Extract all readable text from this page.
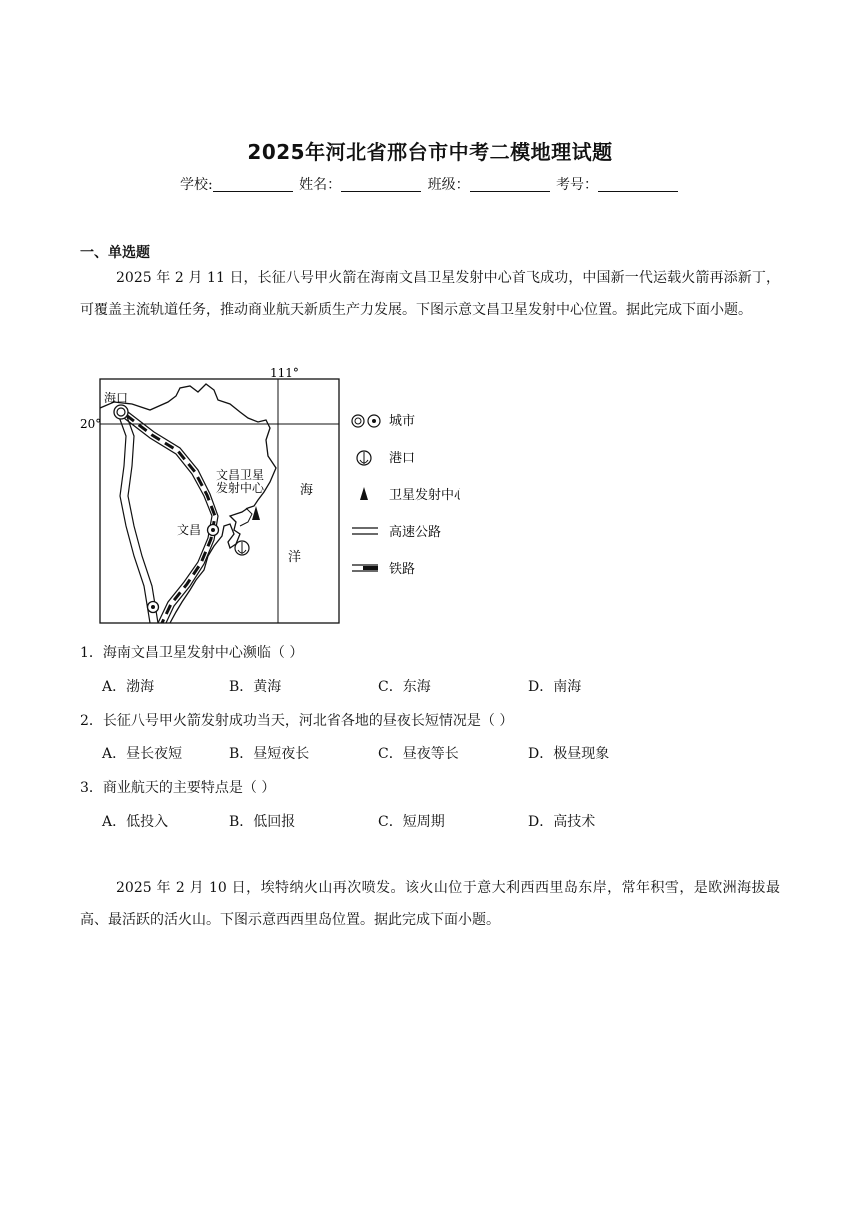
2025年河北省邢台市中考二模地理试题
学校:	姓名：	班级：	考号：
一、单选题
2025 年 2 月 11 日，长征八号甲火箭在海南文昌卫星发射中心首飞成功，中国新一代运载火箭再添新丁，可覆盖主流轨道任务，推动商业航天新质生产力发展。下图示意文昌卫星发射中心位置。据此完成下面小题。
海口
20°
111°
文昌卫星
发射中心
文昌
海
洋
城市
港口
卫星发射中心
高速公路
铁路
1．海南文昌卫星发射中心濒临（ ）
A．渤海	B．黄海	C．东海	D．南海
2．长征八号甲火箭发射成功当天，河北省各地的昼夜长短情况是（ ）
A．昼长夜短	B．昼短夜长	C．昼夜等长	D．极昼现象
3．商业航天的主要特点是（ ）
A．低投入	B．低回报	C．短周期	D．高技术
2025 年 2 月 10 日，埃特纳火山再次喷发。该火山位于意大利西西里岛东岸，常年积雪，是欧洲海拔最高、最活跃的活火山。下图示意西西里岛位置。据此完成下面小题。
